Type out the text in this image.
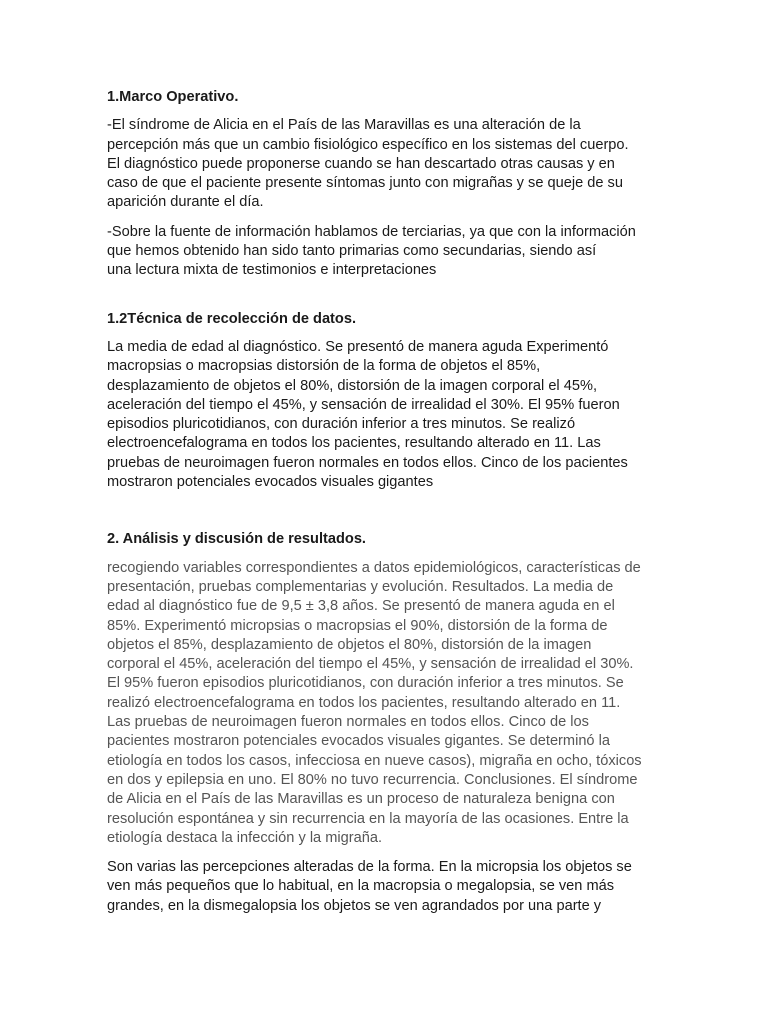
1.Marco Operativo.

-El síndrome de Alicia en el País de las Maravillas es una alteración de la
percepción más que un cambio fisiológico específico en los sistemas del cuerpo.
El diagnóstico puede proponerse cuando se han descartado otras causas y en
caso de que el paciente presente síntomas junto con migrañas y se queje de su
aparición durante el día.

-Sobre la fuente de información hablamos de terciarias, ya que con la información
que hemos obtenido han sido tanto primarias como secundarias, siendo así
una lectura mixta de testimonios e interpretaciones

1.2Técnica de recolección de datos.

La media de edad al diagnóstico. Se presentó de manera aguda Experimentó
macropsias o macropsias distorsión de la forma de objetos el 85%,
desplazamiento de objetos el 80%, distorsión de la imagen corporal el 45%,
aceleración del tiempo el 45%, y sensación de irrealidad el 30%. El 95% fueron
episodios pluricotidianos, con duración inferior a tres minutos. Se realizó
electroencefalograma en todos los pacientes, resultando alterado en 11. Las
pruebas de neuroimagen fueron normales en todos ellos. Cinco de los pacientes
mostraron potenciales evocados visuales gigantes

2. Análisis y discusión de resultados.

recogiendo variables correspondientes a datos epidemiológicos, características de
presentación, pruebas complementarias y evolución. Resultados. La media de
edad al diagnóstico fue de 9,5 ± 3,8 años. Se presentó de manera aguda en el
85%. Experimentó micropsias o macropsias el 90%, distorsión de la forma de
objetos el 85%, desplazamiento de objetos el 80%, distorsión de la imagen
corporal el 45%, aceleración del tiempo el 45%, y sensación de irrealidad el 30%.
El 95% fueron episodios pluricotidianos, con duración inferior a tres minutos. Se
realizó electroencefalograma en todos los pacientes, resultando alterado en 11.
Las pruebas de neuroimagen fueron normales en todos ellos. Cinco de los
pacientes mostraron potenciales evocados visuales gigantes. Se determinó la
etiología en todos los casos, infecciosa en nueve casos), migraña en ocho, tóxicos
en dos y epilepsia en uno. El 80% no tuvo recurrencia. Conclusiones. El síndrome
de Alicia en el País de las Maravillas es un proceso de naturaleza benigna con
resolución espontánea y sin recurrencia en la mayoría de las ocasiones. Entre la
etiología destaca la infección y la migraña.

Son varias las percepciones alteradas de la forma. En la micropsia los objetos se
ven más pequeños que lo habitual, en la macropsia o megalopsia, se ven más
grandes, en la dismegalopsia los objetos se ven agrandados por una parte y
